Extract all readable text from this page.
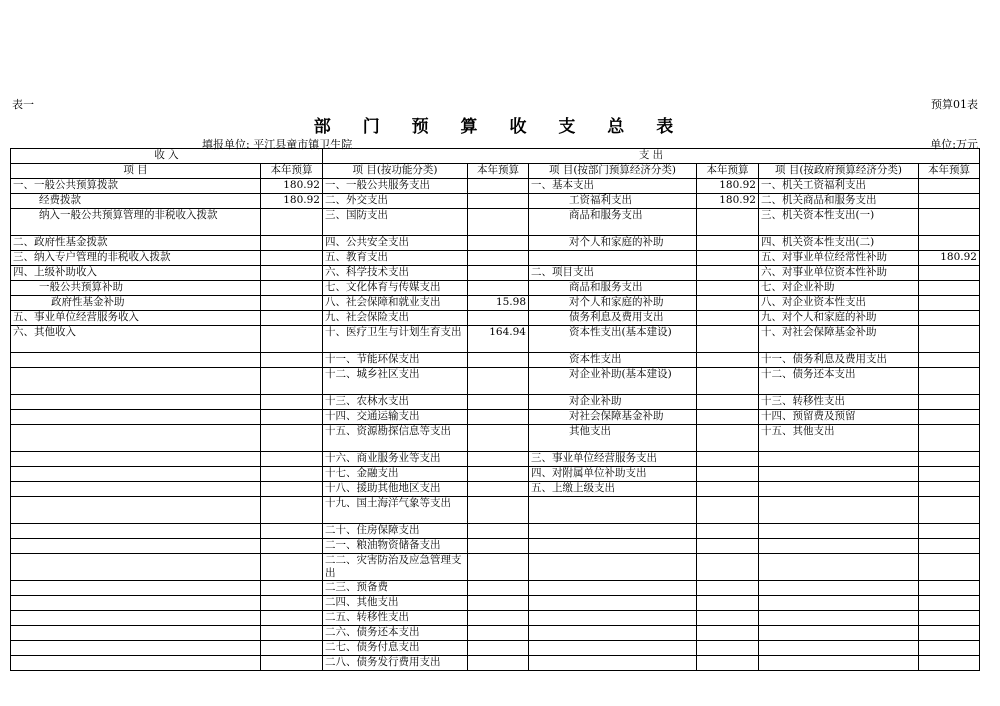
表一	预算01表
部 门 预 算 收 支 总 表
填报单位: 平江县童市镇卫生院	单位:万元
收 入		支 出					
项 目	本年预算	项 目(按功能分类)	本年预算	项 目(按部门预算经济分类)	本年预算	项 目(按政府预算经济分类)	本年预算
一、一般公共预算拨款	180.92	一、一般公共服务支出		一、基本支出	180.92	一、机关工资福利支出	
经费拨款	180.92	二、外交支出		工资福利支出	180.92	二、机关商品和服务支出	
纳入一般公共预算管理的非税收入拨款		三、国防支出		商品和服务支出		三、机关资本性支出(一)	
二、政府性基金拨款		四、公共安全支出		对个人和家庭的补助		四、机关资本性支出(二)	
三、纳入专户管理的非税收入拨款		五、教育支出				五、对事业单位经常性补助	180.92
四、上级补助收入		六、科学技术支出		二、项目支出		六、对事业单位资本性补助	
一般公共预算补助		七、文化体育与传媒支出		商品和服务支出		七、对企业补助	
政府性基金补助		八、社会保障和就业支出	15.98	对个人和家庭的补助		八、对企业资本性支出	
五、事业单位经营服务收入		九、社会保险支出		债务利息及费用支出		九、对个人和家庭的补助	
六、其他收入		十、医疗卫生与计划生育支出	164.94	资本性支出(基本建设)		十、对社会保障基金补助	
		十一、节能环保支出		资本性支出		十一、债务利息及费用支出	
		十二、城乡社区支出		对企业补助(基本建设)		十二、债务还本支出	
		十三、农林水支出		对企业补助		十三、转移性支出	
		十四、交通运输支出		对社会保障基金补助		十四、预留费及预留	
		十五、资源勘探信息等支出		其他支出		十五、其他支出	
		十六、商业服务业等支出		三、事业单位经营服务支出			
		十七、金融支出		四、对附属单位补助支出			
		十八、援助其他地区支出		五、上缴上级支出			
		十九、国土海洋气象等支出					
		二十、住房保障支出					
		二一、粮油物资储备支出					
		二二、灾害防治及应急管理支出					
		二三、预备费					
		二四、其他支出					
		二五、转移性支出					
		二六、债务还本支出					
		二七、债务付息支出					
		二八、债务发行费用支出					
